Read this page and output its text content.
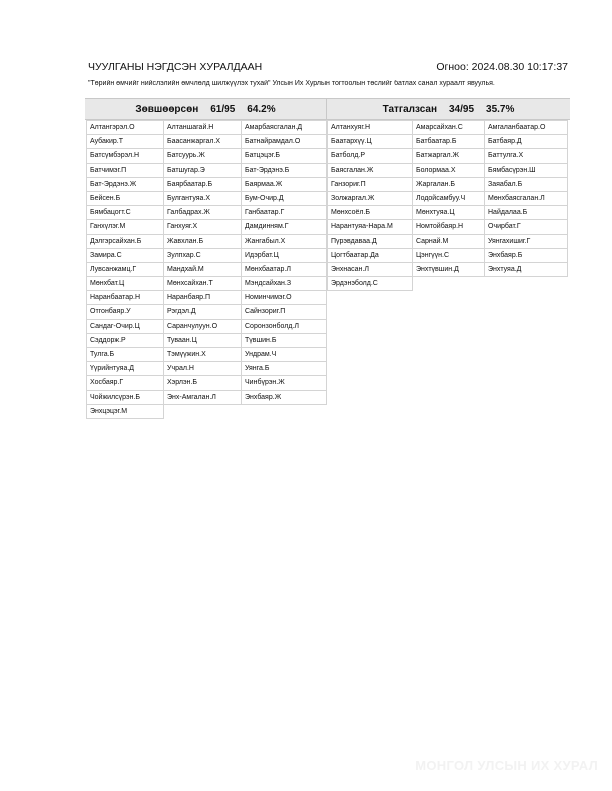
ЧУУЛГАНЫ НЭГДСЭН ХУРАЛДААН	Огноо: 2024.08.30 10:17:37
"Төрийн өмчийг нийслэлийн өмчлөлд шилжүүлэх тухай" Улсын Их Хурлын тогтоолын төслийг батлах санал хураалт явуулья.
Зөвшөөрсөн 61/95 64.2%	Татгалзсан 34/95 35.7%
Алтангэрэл.О
Аубакир.Т
Батсүмбэрэл.Н
Батчимэг.П
Бат-Эрдэнэ.Ж
Бейсен.Б
Бямбацогт.С
Ганхүлэг.М
Дэлгэрсайхан.Б
Замира.С
Лувсанжамц.Г
Мөнхбат.Ц
Наранбаатар.Н
Отгонбаяр.У
Сандаг-Очир.Ц
Сэддорж.Р
Тулга.Б
Үүрийнтуяа.Д
Хосбаяр.Г
Чойжилсүрэн.Б
Энхцэцэг.М
Алтаншагай.Н
Баасанжаргал.Х
Батсуурь.Ж
Батшугар.Э
Баярбаатар.Б
Булгантуяа.Х
Галбадрах.Ж
Ганхуяг.Х
Жавхлан.Б
Зулпхар.С
Мандхай.М
Мөнхсайхан.Т
Наранбаяр.П
Рэгдэл.Д
Саранчулуун.О
Туваан.Ц
Тэмүүжин.Х
Учрал.Н
Хэрлэн.Б
Энх-Амгалан.Л
Амарбаясгалан.Д
Батнайрамдал.О
Батцэцэг.Б
Бат-Эрдэнэ.Б
Баярмаа.Ж
Бум-Очир.Д
Ганбаатар.Г
Дамдинням.Г
Жангабыл.Х
Идэрбат.Ц
Мөнхбаатар.Л
Мэндсайхан.З
Номинчимэг.О
Сайнзориг.П
Соронзонболд.Л
Түвшин.Б
Ундрам.Ч
Уянга.Б
Чинбүрэн.Ж
Энхбаяр.Ж
Алтанхуяг.Н
Баатархүү.Ц
Батболд.Р
Баясгалан.Ж
Ганзориг.П
Золжаргал.Ж
Мөнхсоёл.Б
Нарантуяа-Нара.М
Пүрэвдаваа.Д
Цогтбаатар.Да
Энхнасан.Л
Эрдэнэболд.С
Амарсайхан.С
Батбаатар.Б
Батжаргал.Ж
Болормаа.Х
Жаргалан.Б
Лодойсамбуу.Ч
Мөнхтуяа.Ц
Номтойбаяр.Н
Сарнай.М
Цэнгүүн.С
Энхтүвшин.Д
Амгаланбаатар.О
Батбаяр.Д
Баттулга.Х
Бямбасүрэн.Ш
Заяабал.Б
Мөнхбаясгалан.Л
Найдалаа.Б
Очирбат.Г
Уянгахишиг.Г
Энхбаяр.Б
Энхтуяа.Д
МОНГОЛ УЛСЫН ИХ ХУРАЛ
